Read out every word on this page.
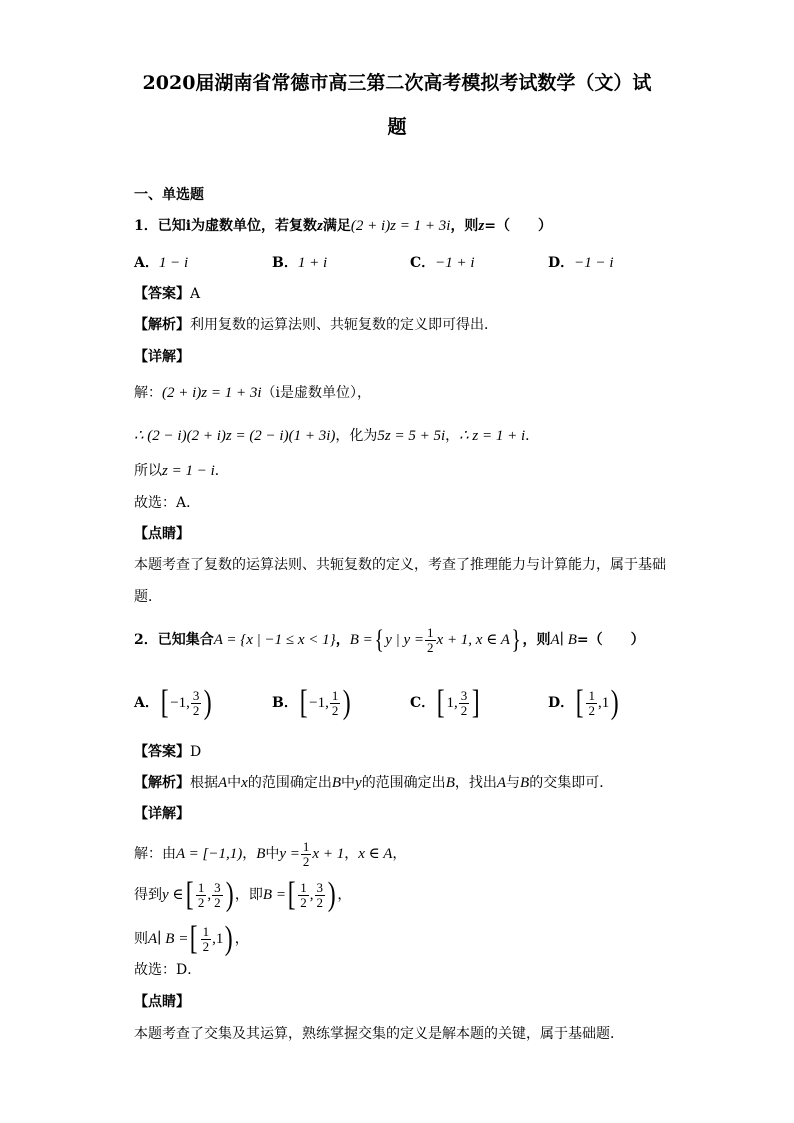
2020届湖南省常德市高三第二次高考模拟考试数学（文）试
题
一、单选题
1．已知i为虚数单位，若复数z满足(2 + i)z = 1 + 3i，则z=（　　）
A．1 − i	B．1 + i	C．−1 + i	D．−1 − i
【答案】A
【解析】利用复数的运算法则、共轭复数的定义即可得出．
【详解】
解：(2 + i)z = 1 + 3i（i是虚数单位），
∴ (2 − i)(2 + i)z = (2 − i)(1 + 3i)，化为5z = 5 + 5i，∴ z = 1 + i．
所以z = 1 − i．
故选：A．
【点睛】
本题考查了复数的运算法则、共轭复数的定义，考查了推理能力与计算能力，属于基础
题．
2．已知集合A = {x | −1 ≤ x < 1}，B ={ y | $y = \frac{1}{2}$ x + 1, x ∈ A} ，则A∣ B=（　　）
A．[ −1, $\frac{3}{2}$ )	B．[ −1, $\frac{1}{2}$ )	C．[ 1, $\frac{3}{2}$ ]	D．[ $\frac{1}{2} ,1$)
【答案】D
【解析】根据A中x的范围确定出B中y的范围确定出B，找出A与B的交集即可．
【详解】
解：由A = [−1,1)，B中$y = \frac{1}{2}$ x + 1，x ∈ A，
得到y ∈[ $\frac{1}{2}$ , $\frac{3}{2}$ ) ，即B =[ $\frac{1}{2}$ , $\frac{3}{2}$ ) ，
则A∣ B =[ $\frac{1}{2} ,1$) ，
故选：D．
【点睛】
本题考查了交集及其运算，熟练掌握交集的定义是解本题的关键，属于基础题．
